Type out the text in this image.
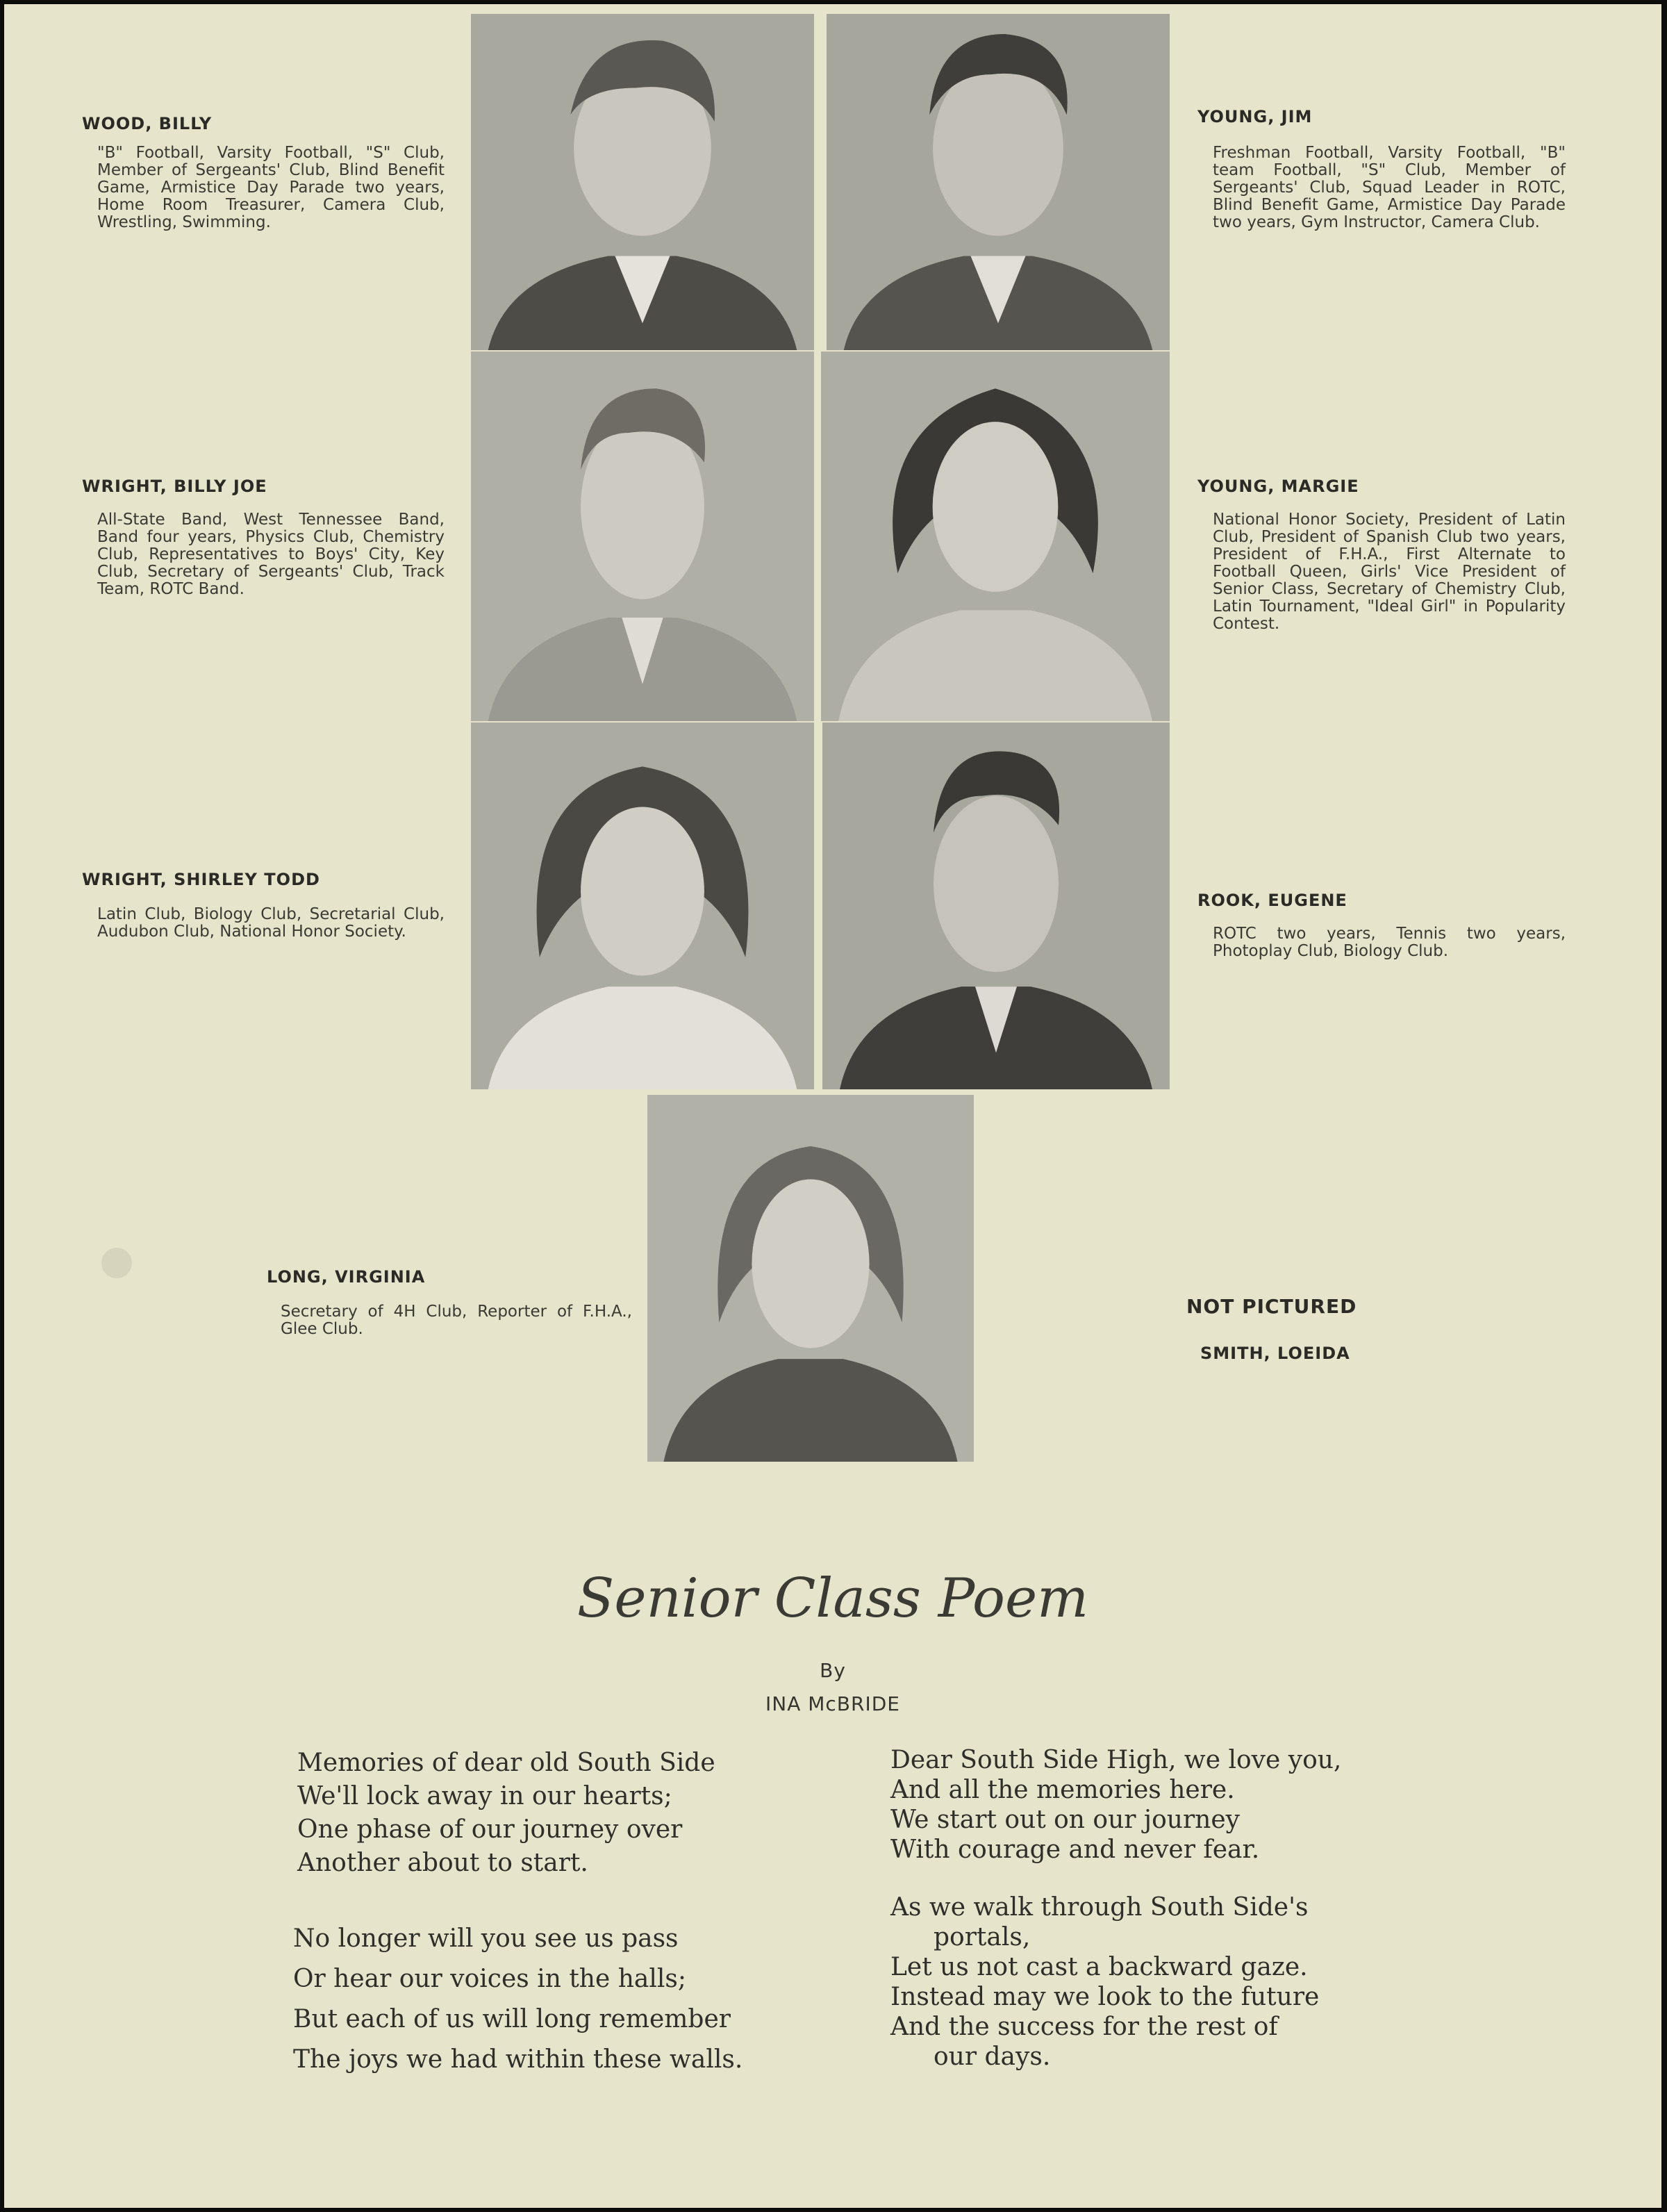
WOOD, BILLY
"B" Football, Varsity Football, "S" Club, Member of Sergeants' Club, Blind Benefit Game, Armistice Day Parade two years, Home Room Treasurer, Camera Club, Wrestling, Swimming.
YOUNG, JIM
Freshman Football, Varsity Football, "B" team Football, "S" Club, Member of Sergeants' Club, Squad Leader in ROTC, Blind Benefit Game, Armistice Day Parade two years, Gym Instructor, Camera Club.
WRIGHT, BILLY JOE
All-State Band, West Tennessee Band, Band four years, Physics Club, Chemistry Club, Representatives to Boys' City, Key Club, Secretary of Sergeants' Club, Track Team, ROTC Band.
YOUNG, MARGIE
National Honor Society, President of Latin Club, President of Spanish Club two years, President of F.H.A., First Alternate to Football Queen, Girls' Vice President of Senior Class, Secretary of Chemistry Club, Latin Tournament, "Ideal Girl" in Popularity Contest.
WRIGHT, SHIRLEY TODD
Latin Club, Biology Club, Secretarial Club, Audubon Club, National Honor Society.
ROOK, EUGENE
ROTC two years, Tennis two years, Photoplay Club, Biology Club.
LONG, VIRGINIA
Secretary of 4H Club, Reporter of F.H.A., Glee Club.
NOT PICTURED
SMITH, LOEIDA
Senior Class Poem
By
INA McBRIDE
Memories of dear old South Side
We'll lock away in our hearts;
One phase of our journey over
Another about to start.
No longer will you see us pass
Or hear our voices in the halls;
But each of us will long remember
The joys we had within these walls.
Dear South Side High, we love you,
And all the memories here.
We start out on our journey
With courage and never fear.
As we walk through South Side's
portals,
Let us not cast a backward gaze.
Instead may we look to the future
And the success for the rest of
our days.
